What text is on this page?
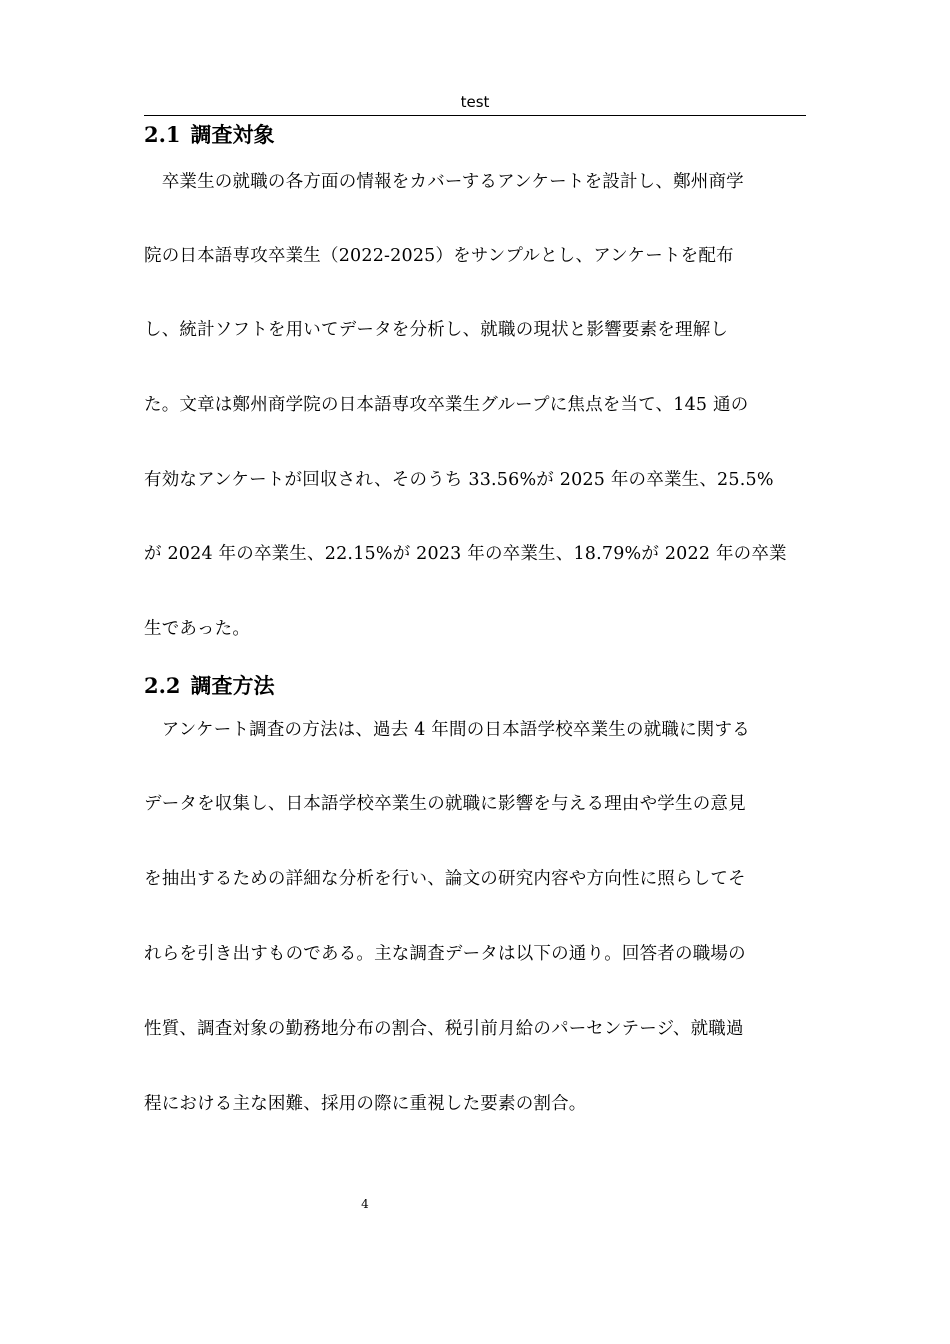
test
2.1 調査対象
　卒業生の就職の各方面の情報をカバーするアンケートを設計し、鄭州商学
院の日本語専攻卒業生（2022-2025）をサンプルとし、アンケートを配布
し、統計ソフトを用いてデータを分析し、就職の現状と影響要素を理解し
た。文章は鄭州商学院の日本語専攻卒業生グループに焦点を当て、145 通の
有効なアンケートが回収され、そのうち 33.56%が 2025 年の卒業生、25.5%
が 2024 年の卒業生、22.15%が 2023 年の卒業生、18.79%が 2022 年の卒業
生であった。
2.2 調査方法
　アンケート調査の方法は、過去 4 年間の日本語学校卒業生の就職に関する
データを収集し、日本語学校卒業生の就職に影響を与える理由や学生の意見
を抽出するための詳細な分析を行い、論文の研究内容や方向性に照らしてそ
れらを引き出すものである。主な調査データは以下の通り。回答者の職場の
性質、調査対象の勤務地分布の割合、税引前月給のパーセンテージ、就職過
程における主な困難、採用の際に重視した要素の割合。
4
